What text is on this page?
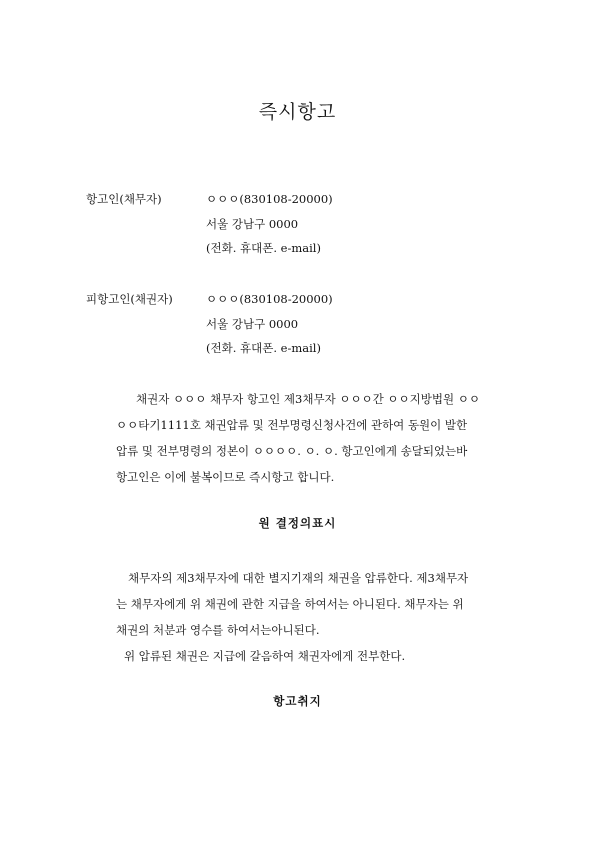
즉시항고
항고인(채무자)	ㅇㅇㅇ(830108-20000)
서울 강남구 0000
(전화. 휴대폰. e-mail)
피항고인(채권자)	ㅇㅇㅇ(830108-20000)
서울 강남구 0000
(전화. 휴대폰. e-mail)
채권자 ㅇㅇㅇ 채무자 항고인 제3채무자 ㅇㅇㅇ간 ㅇㅇ지방법원 ㅇㅇ
ㅇㅇ타기1111호 채권압류 및 전부명령신청사건에 관하여 동원이 발한
압류 및 전부명령의 정본이 ㅇㅇㅇㅇ. ㅇ. ㅇ. 항고인에게 송달되었는바
항고인은 이에 불복이므로 즉시항고 합니다.
원 결정의표시
채무자의 제3채무자에 대한 별지기재의 채권을 압류한다. 제3채무자
는 채무자에게 위 채권에 관한 지급을 하여서는 아니된다. 채무자는 위
채권의 처분과 영수를 하여서는아니된다.
위 압류된 채권은 지급에 갈음하여 채권자에게 전부한다.
항고취지
